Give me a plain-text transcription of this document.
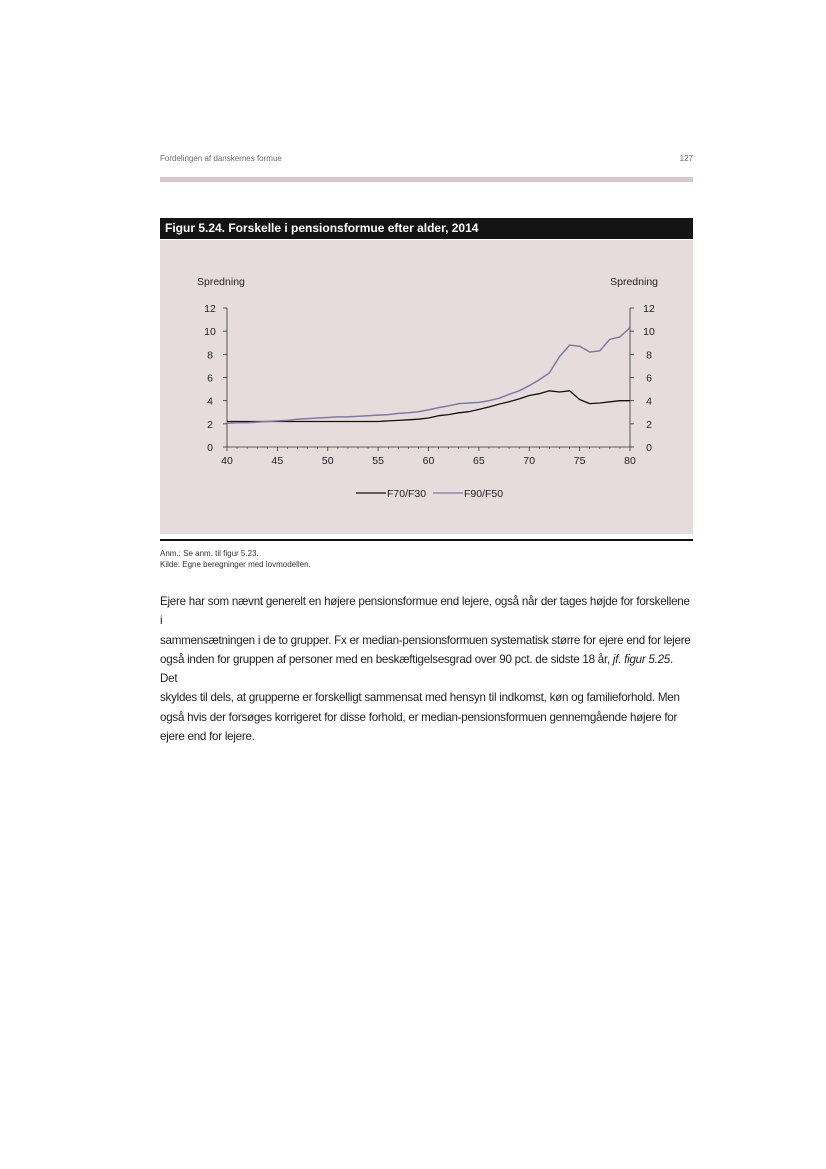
Fordelingen af danskernes formue	127
Figur 5.24. Forskelle i pensionsformue efter alder, 2014
0	0
2	2
4	4
6	6
8	8
10	10
12	12
40	45	50	55	60	65	70	75	80
Spredning	Spredning
F70/F30	F90/F50
Anm.: Se anm. til figur 5.23.
Kilde: Egne beregninger med lovmodellen.
Ejere har som nævnt generelt en højere pensionsformue end lejere, også når der tages højde for forskellene i
sammensætningen i de to grupper. Fx er median-pensionsformuen systematisk større for ejere end for lejere
også inden for gruppen af personer med en beskæftigelsesgrad over 90 pct. de sidste 18 år, jf. figur 5.25. Det
skyldes til dels, at grupperne er forskelligt sammensat med hensyn til indkomst, køn og familieforhold. Men
også hvis der forsøges korrigeret for disse forhold, er median-pensionsformuen gennemgående højere for
ejere end for lejere.
